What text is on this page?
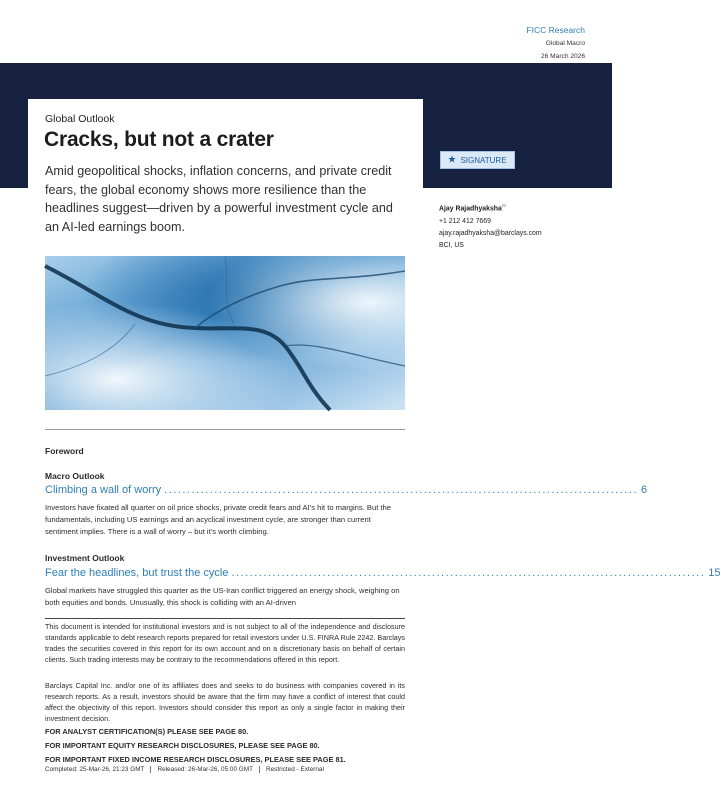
FICC Research
Global Macro
26 March 2026
Global Outlook
Cracks, but not a crater
Amid geopolitical shocks, inflation concerns, and private credit fears, the global economy shows more resilience than the headlines suggest—driven by a powerful investment cycle and an AI-led earnings boom.
Foreword
Macro Outlook
Climbing a wall of worry ........................................................................................................ 6
Investors have fixated all quarter on oil price shocks, private credit fears and AI’s hit to margins. But the fundamentals, including US earnings and an acyclical investment cycle, are stronger than current sentiment implies. There is a wall of worry – but it’s worth climbing.
Investment Outlook
Fear the headlines, but trust the cycle ........................................................................................................ 15
Global markets have struggled this quarter as the US-Iran conflict triggered an energy shock, weighing on both equities and bonds. Unusually, this shock is colliding with an AI-driven
This document is intended for institutional investors and is not subject to all of the independence and disclosure standards applicable to debt research reports prepared for retail investors under U.S. FINRA Rule 2242. Barclays trades the securities covered in this report for its own account and on a discretionary basis on behalf of certain clients. Such trading interests may be contrary to the recommendations offered in this report.
Barclays Capital Inc. and/or one of its affiliates does and seeks to do business with companies covered in its research reports. As a result, investors should be aware that the firm may have a conflict of interest that could affect the objectivity of this report. Investors should consider this report as only a single factor in making their investment decision.
FOR ANALYST CERTIFICATION(S) PLEASE SEE PAGE 80.
FOR IMPORTANT EQUITY RESEARCH DISCLOSURES, PLEASE SEE PAGE 80.
FOR IMPORTANT FIXED INCOME RESEARCH DISCLOSURES, PLEASE SEE PAGE 81.
Completed: 25-Mar-26, 21:23 GMT	Released: 26-Mar-26, 05:00 GMT	Restricted - External
SIGNATURE
Ajay Rajadhyaksha$^{BI}$
+1 212 412 7669
ajay.rajadhyaksha@barclays.com
BCI, US
